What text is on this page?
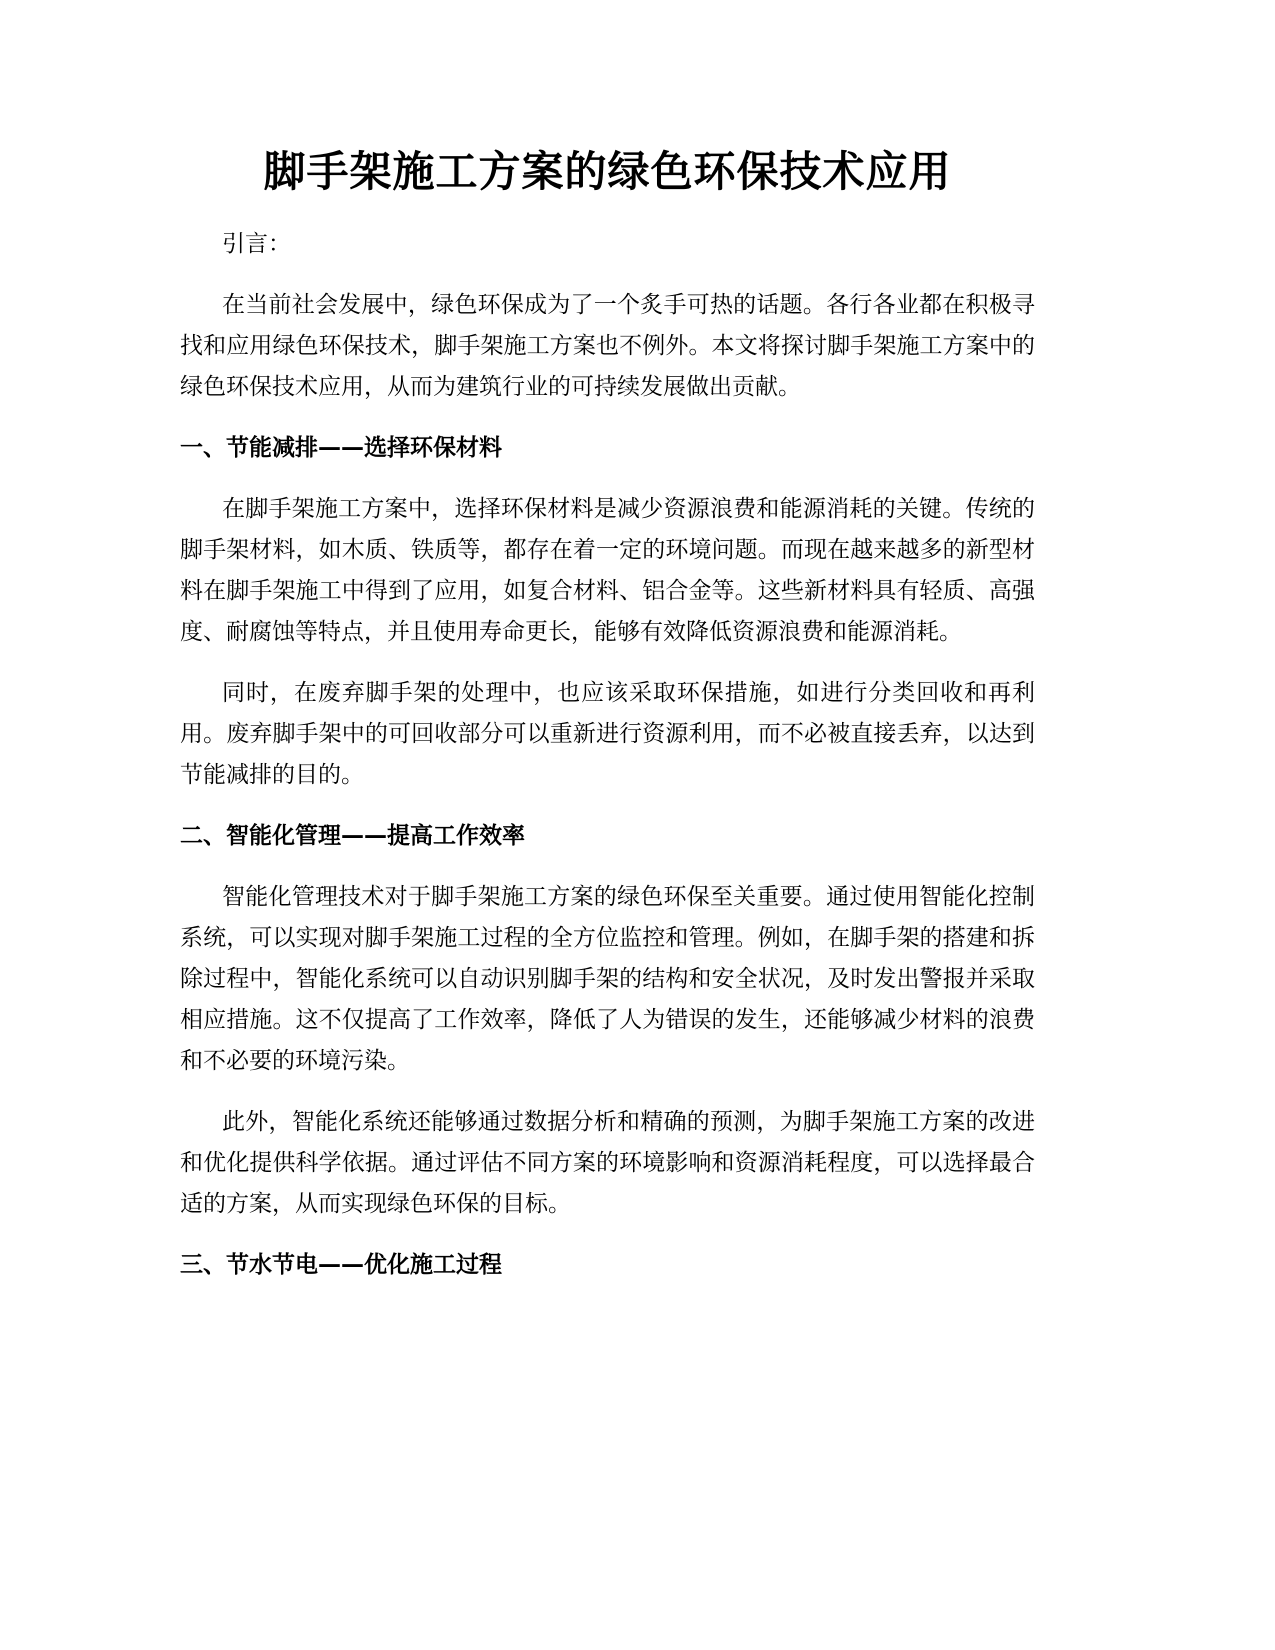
脚手架施工方案的绿色环保技术应用

引言：

在当前社会发展中，绿色环保成为了一个炙手可热的话题。各行各业都在积极寻找和应用绿色环保技术，脚手架施工方案也不例外。本文将探讨脚手架施工方案中的绿色环保技术应用，从而为建筑行业的可持续发展做出贡献。

一、节能减排——选择环保材料

在脚手架施工方案中，选择环保材料是减少资源浪费和能源消耗的关键。传统的脚手架材料，如木质、铁质等，都存在着一定的环境问题。而现在越来越多的新型材料在脚手架施工中得到了应用，如复合材料、铝合金等。这些新材料具有轻质、高强度、耐腐蚀等特点，并且使用寿命更长，能够有效降低资源浪费和能源消耗。

同时，在废弃脚手架的处理中，也应该采取环保措施，如进行分类回收和再利用。废弃脚手架中的可回收部分可以重新进行资源利用，而不必被直接丢弃，以达到节能减排的目的。

二、智能化管理——提高工作效率

智能化管理技术对于脚手架施工方案的绿色环保至关重要。通过使用智能化控制系统，可以实现对脚手架施工过程的全方位监控和管理。例如，在脚手架的搭建和拆除过程中，智能化系统可以自动识别脚手架的结构和安全状况，及时发出警报并采取相应措施。这不仅提高了工作效率，降低了人为错误的发生，还能够减少材料的浪费和不必要的环境污染。

此外，智能化系统还能够通过数据分析和精确的预测，为脚手架施工方案的改进和优化提供科学依据。通过评估不同方案的环境影响和资源消耗程度，可以选择最合适的方案，从而实现绿色环保的目标。

三、节水节电——优化施工过程
